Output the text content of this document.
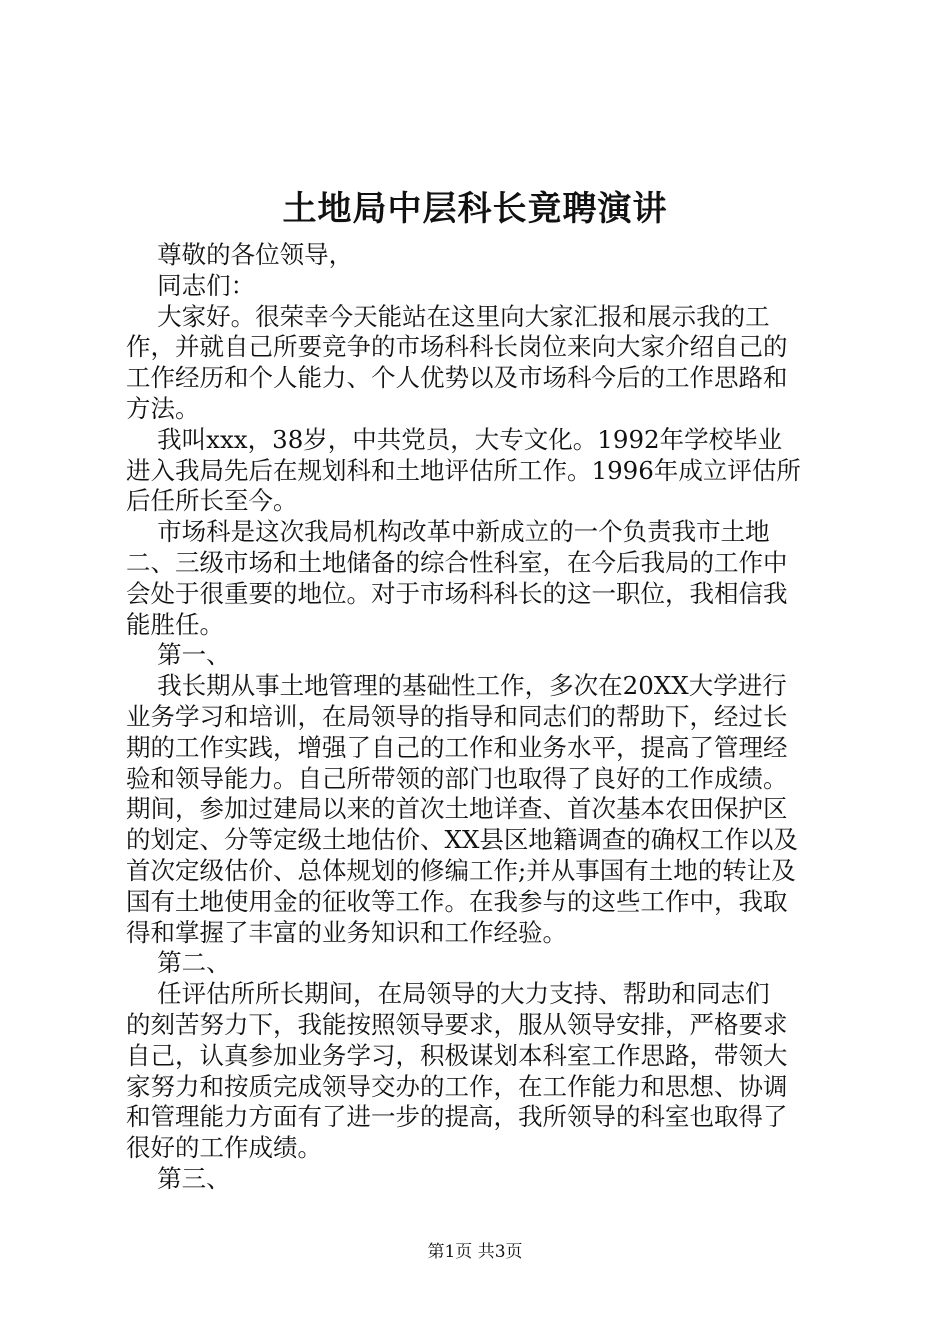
土地局中层科长竟聘演讲
尊敬的各位领导，
同志们：
大家好。很荣幸今天能站在这里向大家汇报和展示我的工
作，并就自己所要竞争的市场科科长岗位来向大家介绍自己的
工作经历和个人能力、个人优势以及市场科今后的工作思路和
方法。
我叫xxx，38岁，中共党员，大专文化。1992年学校毕业
进入我局先后在规划科和土地评估所工作。1996年成立评估所
后任所长至今。
市场科是这次我局机构改革中新成立的一个负责我市土地
二、三级市场和土地储备的综合性科室，在今后我局的工作中
会处于很重要的地位。对于市场科科长的这一职位，我相信我
能胜任。
第一、
我长期从事土地管理的基础性工作，多次在20XX大学进行
业务学习和培训，在局领导的指导和同志们的帮助下，经过长
期的工作实践，增强了自己的工作和业务水平，提高了管理经
验和领导能力。自己所带领的部门也取得了良好的工作成绩。
期间，参加过建局以来的首次土地详查、首次基本农田保护区
的划定、分等定级土地估价、XX县区地籍调查的确权工作以及
首次定级估价、总体规划的修编工作;并从事国有土地的转让及
国有土地使用金的征收等工作。在我参与的这些工作中，我取
得和掌握了丰富的业务知识和工作经验。
第二、
任评估所所长期间，在局领导的大力支持、帮助和同志们
的刻苦努力下，我能按照领导要求，服从领导安排，严格要求
自己，认真参加业务学习，积极谋划本科室工作思路，带领大
家努力和按质完成领导交办的工作，在工作能力和思想、协调
和管理能力方面有了进一步的提高，我所领导的科室也取得了
很好的工作成绩。
第三、
第1页 共3页
